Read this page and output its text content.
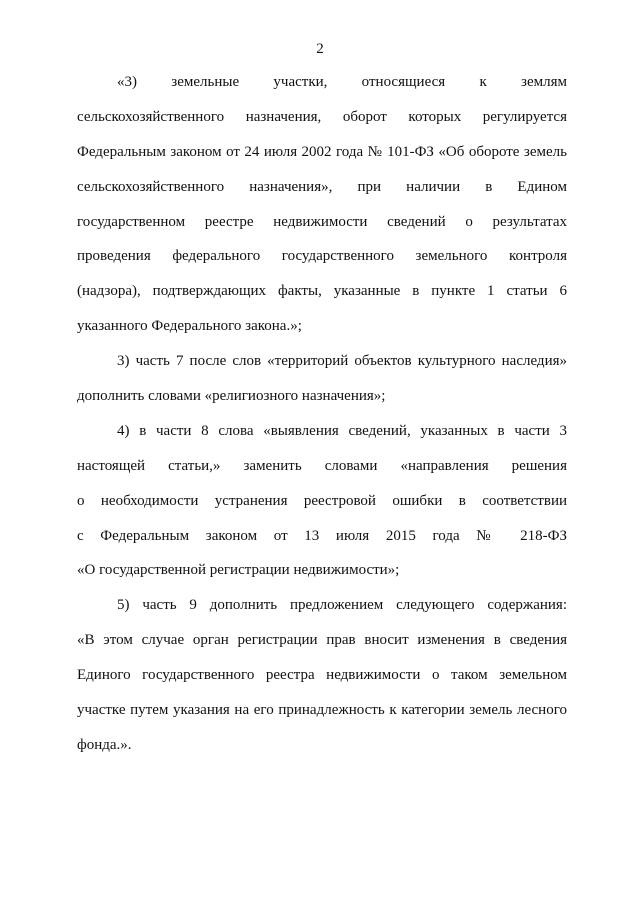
2
«3) земельные участки, относящиеся к землям
сельскохозяйственного назначения, оборот которых регулируется
Федеральным законом от 24 июля 2002 года № 101-ФЗ «Об обороте земель
сельскохозяйственного назначения», при наличии в Едином
государственном реестре недвижимости сведений о результатах
проведения федерального государственного земельного контроля
(надзора), подтверждающих факты, указанные в пункте 1 статьи 6
указанного Федерального закона.»;
3) часть 7 после слов «территорий объектов культурного наследия»
дополнить словами «религиозного назначения»;
4) в части 8 слова «выявления сведений, указанных в части 3
настоящей статьи,» заменить словами «направления решения
о необходимости устранения реестровой ошибки в соответствии
с Федеральным законом от 13 июля 2015 года № 218-ФЗ
«О государственной регистрации недвижимости»;
5) часть 9 дополнить предложением следующего содержания:
«В этом случае орган регистрации прав вносит изменения в сведения
Единого государственного реестра недвижимости о таком земельном
участке путем указания на его принадлежность к категории земель лесного
фонда.».
